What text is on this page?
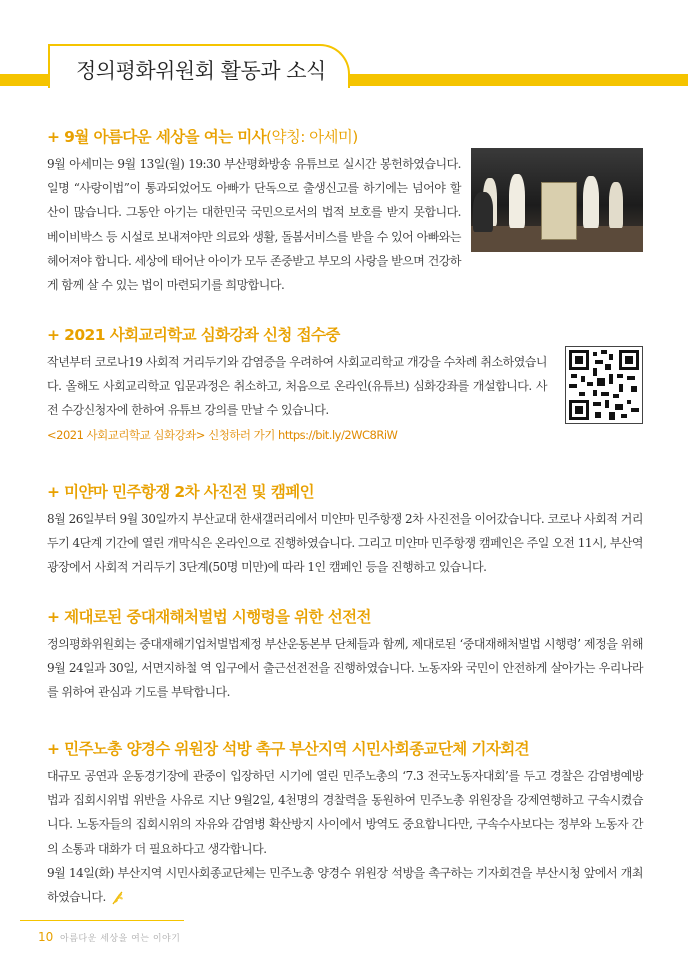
정의평화위원회 활동과 소식
+ 9월 아름다운 세상을 여는 미사(약칭: 아세미)

9월 아세미는 9월 13일(월) 19:30 부산평화방송 유튜브로 실시간 봉헌하였습니다. 일명 “사랑이법”이 통과되었어도 아빠가 단독으로 출생신고를 하기에는 넘어야 할 산이 많습니다. 그동안 아기는 대한민국 국민으로서의 법적 보호를 받지 못합니다. 베이비박스 등 시설로 보내져야만 의료와 생활, 돌봄서비스를 받을 수 있어 아빠와는 헤어져야 합니다. 세상에 태어난 아이가 모두 존중받고 부모의 사랑을 받으며 건강하게 함께 살 수 있는 법이 마련되기를 희망합니다.

+ 2021 사회교리학교 심화강좌 신청 접수중

작년부터 코로나19 사회적 거리두기와 감염증을 우려하여 사회교리학교 개강을 수차례 취소하였습니다. 올해도 사회교리학교 입문과정은 취소하고, 처음으로 온라인(유튜브) 심화강좌를 개설합니다. 사전 수강신청자에 한하여 유튜브 강의를 만날 수 있습니다.

<2021 사회교리학교 심화강좌> 신청하러 가기 https://bit.ly/2WC8RiW

+ 미얀마 민주항쟁 2차 사진전 및 캠페인

8월 26일부터 9월 30일까지 부산교대 한새갤러리에서 미얀마 민주항쟁 2차 사진전을 이어갔습니다. 코로나 사회적 거리두기 4단계 기간에 열린 개막식은 온라인으로 진행하였습니다. 그리고 미얀마 민주항쟁 캠페인은 주일 오전 11시, 부산역 광장에서 사회적 거리두기 3단계(50명 미만)에 따라 1인 캠페인 등을 진행하고 있습니다.

+ 제대로된 중대재해처벌법 시행령을 위한 선전전

정의평화위원회는 중대재해기업처벌법제정 부산운동본부 단체들과 함께, 제대로된 ‘중대재해처벌법 시행령’ 제정을 위해 9월 24일과 30일, 서면지하철 역 입구에서 출근선전전을 진행하였습니다. 노동자와 국민이 안전하게 살아가는 우리나라를 위하여 관심과 기도를 부탁합니다.

+ 민주노총 양경수 위원장 석방 촉구 부산지역 시민사회종교단체 기자회견

대규모 공연과 운동경기장에 관중이 입장하던 시기에 열린 민주노총의 ‘7.3 전국노동자대회’를 두고 경찰은 감염병예방법과 집회시위법 위반을 사유로 지난 9월2일, 4천명의 경찰력을 동원하여 민주노총 위원장을 강제연행하고 구속시켰습니다. 노동자들의 집회시위의 자유와 감염병 확산방지 사이에서 방역도 중요합니다만, 구속수사보다는 정부와 노동자 간의 소통과 대화가 더 필요하다고 생각합니다.

9월 14일(화) 부산지역 시민사회종교단체는 민주노총 양경수 위원장 석방을 촉구하는 기자회견을 부산시청 앞에서 개최하였습니다.

10 아름다운 세상을 여는 이야기
